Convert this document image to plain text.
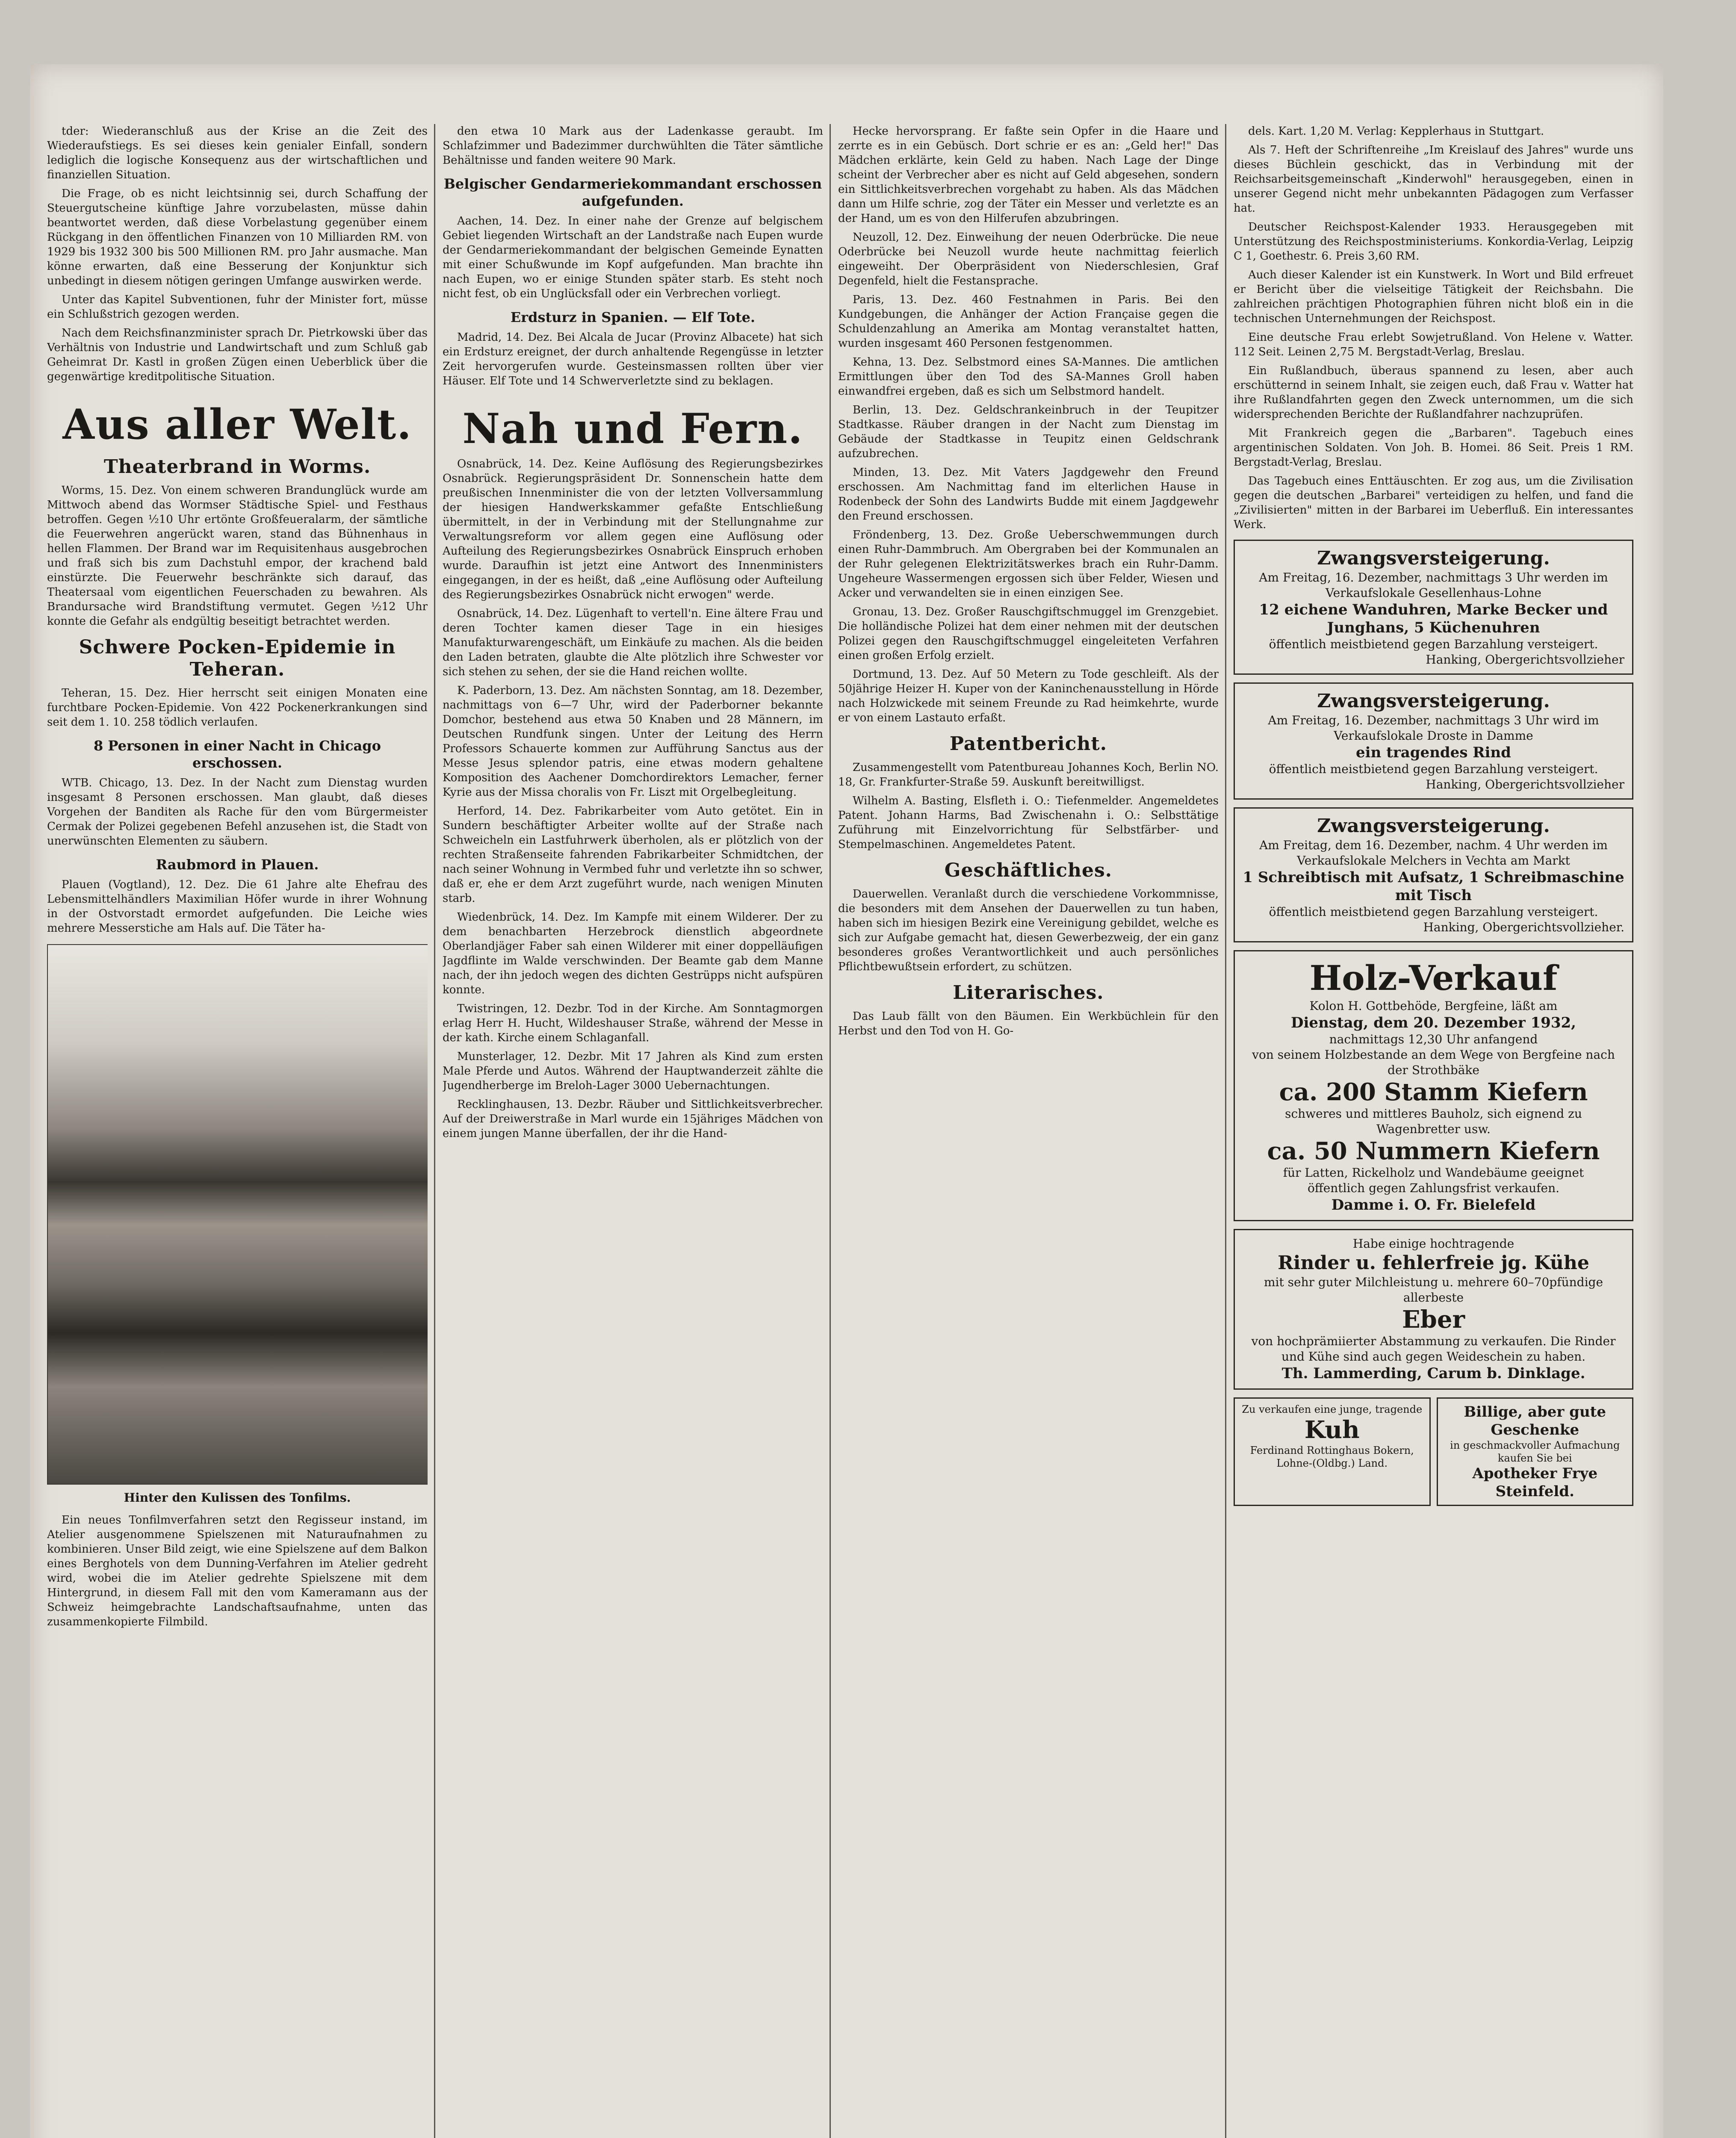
tder: Wiederanschluß aus der Krise an die Zeit des Wiederaufstiegs. Es sei dieses kein genialer Einfall, sondern lediglich die logische Konsequenz aus der wirtschaftlichen und finanziellen Situation.

Die Frage, ob es nicht leichtsinnig sei, durch Schaffung der Steuergutscheine künftige Jahre vorzubelasten, müsse dahin beantwortet werden, daß diese Vorbelastung gegenüber einem Rückgang in den öffentlichen Finanzen von 10 Milliarden RM. von 1929 bis 1932 300 bis 500 Millionen RM. pro Jahr ausmache. Man könne erwarten, daß eine Besserung der Konjunktur sich unbedingt in diesem nötigen geringen Umfange auswirken werde.

Unter das Kapitel Subventionen, fuhr der Minister fort, müsse ein Schlußstrich gezogen werden.

Nach dem Reichsfinanzminister sprach Dr. Pietrkowski über das Verhältnis von Industrie und Landwirtschaft und zum Schluß gab Geheimrat Dr. Kastl in großen Zügen einen Ueberblick über die gegenwärtige kreditpolitische Situation.

Aus aller Welt.
Theaterbrand in Worms.

Worms, 15. Dez. Von einem schweren Brandunglück wurde am Mittwoch abend das Wormser Städtische Spiel- und Festhaus betroffen. Gegen ½10 Uhr ertönte Großfeueralarm, der sämtliche die Feuerwehren angerückt waren, stand das Bühnenhaus in hellen Flammen. Der Brand war im Requisitenhaus ausgebrochen und fraß sich bis zum Dachstuhl empor, der krachend bald einstürzte. Die Feuerwehr beschränkte sich darauf, das Theatersaal vom eigentlichen Feuerschaden zu bewahren. Als Brandursache wird Brandstiftung vermutet. Gegen ½12 Uhr konnte die Gefahr als endgültig beseitigt betrachtet werden.

Schwere Pocken-Epidemie in Teheran.

Teheran, 15. Dez. Hier herrscht seit einigen Monaten eine furchtbare Pocken-Epidemie. Von 422 Pockenerkrankungen sind seit dem 1. 10. 258 tödlich verlaufen.

8 Personen in einer Nacht in Chicago erschossen.

WTB. Chicago, 13. Dez. In der Nacht zum Dienstag wurden insgesamt 8 Personen erschossen. Man glaubt, daß dieses Vorgehen der Banditen als Rache für den vom Bürgermeister Cermak der Polizei gegebenen Befehl anzusehen ist, die Stadt von unerwünschten Elementen zu säubern.

Raubmord in Plauen.

Plauen (Vogtland), 12. Dez. Die 61 Jahre alte Ehefrau des Lebensmittelhändlers Maximilian Höfer wurde in ihrer Wohnung in der Ostvorstadt ermordet aufgefunden. Die Leiche wies mehrere Messerstiche am Hals auf. Die Täter ha-

Hinter den Kulissen des Tonfilms.

Ein neues Tonfilmverfahren setzt den Regisseur instand, im Atelier ausgenommene Spielszenen mit Naturaufnahmen zu kombinieren. Unser Bild zeigt, wie eine Spielszene auf dem Balkon eines Berghotels von dem Dunning-Verfahren im Atelier gedreht wird, wobei die im Atelier gedrehte Spielszene mit dem Hintergrund, in diesem Fall mit den vom Kameramann aus der Schweiz heimgebrachte Landschaftsaufnahme, unten das zusammenkopierte Filmbild.

den etwa 10 Mark aus der Ladenkasse geraubt. Im Schlafzimmer und Badezimmer durchwühlten die Täter sämtliche Behältnisse und fanden weitere 90 Mark.

Belgischer Gendarmeriekommandant erschossen aufgefunden.

Aachen, 14. Dez. In einer nahe der Grenze auf belgischem Gebiet liegenden Wirtschaft an der Landstraße nach Eupen wurde der Gendarmeriekommandant der belgischen Gemeinde Eynatten mit einer Schußwunde im Kopf aufgefunden. Man brachte ihn nach Eupen, wo er einige Stunden später starb. Es steht noch nicht fest, ob ein Unglücksfall oder ein Verbrechen vorliegt.

Erdsturz in Spanien. — Elf Tote.

Madrid, 14. Dez. Bei Alcala de Jucar (Provinz Albacete) hat sich ein Erdsturz ereignet, der durch anhaltende Regengüsse in letzter Zeit hervorgerufen wurde. Gesteinsmassen rollten über vier Häuser. Elf Tote und 14 Schwerverletzte sind zu beklagen.

Nah und Fern.

Osnabrück, 14. Dez. Keine Auflösung des Regierungsbezirkes Osnabrück. Regierungspräsident Dr. Sonnenschein hatte dem preußischen Innenminister die von der letzten Vollversammlung der hiesigen Handwerkskammer gefaßte Entschließung übermittelt, in der in Verbindung mit der Stellungnahme zur Verwaltungsreform vor allem gegen eine Auflösung oder Aufteilung des Regierungsbezirkes Osnabrück Einspruch erhoben wurde. Daraufhin ist jetzt eine Antwort des Innenministers eingegangen, in der es heißt, daß „eine Auflösung oder Aufteilung des Regierungsbezirkes Osnabrück nicht erwogen" werde.

Osnabrück, 14. Dez. Lügenhaft to vertell'n. Eine ältere Frau und deren Tochter kamen dieser Tage in ein hiesiges Manufakturwarengeschäft, um Einkäufe zu machen. Als die beiden den Laden betraten, glaubte die Alte plötzlich ihre Schwester vor sich stehen zu sehen, der sie die Hand reichen wollte.

K. Paderborn, 13. Dez. Am nächsten Sonntag, am 18. Dezember, nachmittags von 6—7 Uhr, wird der Paderborner bekannte Domchor, bestehend aus etwa 50 Knaben und 28 Männern, im Deutschen Rundfunk singen. Unter der Leitung des Herrn Professors Schauerte kommen zur Aufführung Sanctus aus der Messe Jesus splendor patris, eine etwas modern gehaltene Komposition des Aachener Domchordirektors Lemacher, ferner Kyrie aus der Missa choralis von Fr. Liszt mit Orgelbegleitung.

Herford, 14. Dez. Fabrikarbeiter vom Auto getötet. Ein in Sundern beschäftigter Arbeiter wollte auf der Straße nach Schweicheln ein Lastfuhrwerk überholen, als er plötzlich von der rechten Straßenseite fahrenden Fabrikarbeiter Schmidtchen, der nach seiner Wohnung in Vermbed fuhr und verletzte ihn so schwer, daß er, ehe er dem Arzt zugeführt wurde, nach wenigen Minuten starb.

Wiedenbrück, 14. Dez. Im Kampfe mit einem Wilderer. Der zu dem benachbarten Herzebrock dienstlich abgeordnete Oberlandjäger Faber sah einen Wilderer mit einer doppelläufigen Jagdflinte im Walde verschwinden. Der Beamte gab dem Manne nach, der ihn jedoch wegen des dichten Gestrüpps nicht aufspüren konnte.

Twistringen, 12. Dezbr. Tod in der Kirche. Am Sonntagmorgen erlag Herr H. Hucht, Wildeshauser Straße, während der Messe in der kath. Kirche einem Schlaganfall.

Munsterlager, 12. Dezbr. Mit 17 Jahren als Kind zum ersten Male Pferde und Autos. Während der Hauptwanderzeit zählte die Jugendherberge im Breloh-Lager 3000 Uebernachtungen.

Recklinghausen, 13. Dezbr. Räuber und Sittlichkeitsverbrecher. Auf der Dreiwerstraße in Marl wurde ein 15jähriges Mädchen von einem jungen Manne überfallen, der ihr die Hand-

Hecke hervorsprang. Er faßte sein Opfer in die Haare und zerrte es in ein Gebüsch. Dort schrie er es an: „Geld her!" Das Mädchen erklärte, kein Geld zu haben. Nach Lage der Dinge scheint der Verbrecher aber es nicht auf Geld abgesehen, sondern ein Sittlichkeitsverbrechen vorgehabt zu haben. Als das Mädchen dann um Hilfe schrie, zog der Täter ein Messer und verletzte es an der Hand, um es von den Hilferufen abzubringen.

Neuzoll, 12. Dez. Einweihung der neuen Oderbrücke. Die neue Oderbrücke bei Neuzoll wurde heute nachmittag feierlich eingeweiht. Der Oberpräsident von Niederschlesien, Graf Degenfeld, hielt die Festansprache.

Paris, 13. Dez. 460 Festnahmen in Paris. Bei den Kundgebungen, die Anhänger der Action Française gegen die Schuldenzahlung an Amerika am Montag veranstaltet hatten, wurden insgesamt 460 Personen festgenommen.

Kehna, 13. Dez. Selbstmord eines SA-Mannes. Die amtlichen Ermittlungen über den Tod des SA-Mannes Groll haben einwandfrei ergeben, daß es sich um Selbstmord handelt.

Berlin, 13. Dez. Geldschrankeinbruch in der Teupitzer Stadtkasse. Räuber drangen in der Nacht zum Dienstag im Gebäude der Stadtkasse in Teupitz einen Geldschrank aufzubrechen.

Minden, 13. Dez. Mit Vaters Jagdgewehr den Freund erschossen. Am Nachmittag fand im elterlichen Hause in Rodenbeck der Sohn des Landwirts Budde mit einem Jagdgewehr den Freund erschossen.

Fröndenberg, 13. Dez. Große Ueberschwemmungen durch einen Ruhr-Dammbruch. Am Obergraben bei der Kommunalen an der Ruhr gelegenen Elektrizitätswerkes brach ein Ruhr-Damm. Ungeheure Wassermengen ergossen sich über Felder, Wiesen und Acker und verwandelten sie in einen einzigen See.

Gronau, 13. Dez. Großer Rauschgiftschmuggel im Grenzgebiet. Die holländische Polizei hat dem einer nehmen mit der deutschen Polizei gegen den Rauschgiftschmuggel eingeleiteten Verfahren einen großen Erfolg erzielt.

Dortmund, 13. Dez. Auf 50 Metern zu Tode geschleift. Als der 50jährige Heizer H. Kuper von der Kaninchenausstellung in Hörde nach Holzwickede mit seinem Freunde zu Rad heimkehrte, wurde er von einem Lastauto erfaßt.

Patentbericht.

Zusammengestellt vom Patentbureau Johannes Koch, Berlin NO. 18, Gr. Frankfurter-Straße 59. Auskunft bereitwilligst.

Wilhelm A. Basting, Elsfleth i. O.: Tiefenmelder. Angemeldetes Patent. Johann Harms, Bad Zwischenahn i. O.: Selbsttätige Zuführung mit Einzelvorrichtung für Selbstfärber- und Stempelmaschinen. Angemeldetes Patent.

Geschäftliches.

Dauerwellen. Veranlaßt durch die verschiedene Vorkommnisse, die besonders mit dem Ansehen der Dauerwellen zu tun haben, haben sich im hiesigen Bezirk eine Vereinigung gebildet, welche es sich zur Aufgabe gemacht hat, diesen Gewerbezweig, der ein ganz besonderes großes Verantwortlichkeit und auch persönliches Pflichtbewußtsein erfordert, zu schützen.

Literarisches.

Das Laub fällt von den Bäumen. Ein Werkbüchlein für den Herbst und den Tod von H. Go-

dels. Kart. 1,20 M. Verlag: Kepplerhaus in Stuttgart.

Als 7. Heft der Schriftenreihe „Im Kreislauf des Jahres" wurde uns dieses Büchlein geschickt, das in Verbindung mit der Reichsarbeitsgemeinschaft „Kinderwohl" herausgegeben, einen in unserer Gegend nicht mehr unbekannten Pädagogen zum Verfasser hat.

Deutscher Reichspost-Kalender 1933. Herausgegeben mit Unterstützung des Reichspostministeriums. Konkordia-Verlag, Leipzig C 1, Goethestr. 6. Preis 3,60 RM.

Auch dieser Kalender ist ein Kunstwerk. In Wort und Bild erfreuet er Bericht über die vielseitige Tätigkeit der Reichsbahn. Die zahlreichen prächtigen Photographien führen nicht bloß ein in die technischen Unternehmungen der Reichspost.

Eine deutsche Frau erlebt Sowjetrußland. Von Helene v. Watter. 112 Seit. Leinen 2,75 M. Bergstadt-Verlag, Breslau.

Ein Rußlandbuch, überaus spannend zu lesen, aber auch erschütternd in seinem Inhalt, sie zeigen euch, daß Frau v. Watter hat ihre Rußlandfahrten gegen den Zweck unternommen, um die sich widersprechenden Berichte der Rußlandfahrer nachzuprüfen.

Mit Frankreich gegen die „Barbaren". Tagebuch eines argentinischen Soldaten. Von Joh. B. Homei. 86 Seit. Preis 1 RM. Bergstadt-Verlag, Breslau.

Das Tagebuch eines Enttäuschten. Er zog aus, um die Zivilisation gegen die deutschen „Barbarei" verteidigen zu helfen, und fand die „Zivilisierten" mitten in der Barbarei im Ueberfluß. Ein interessantes Werk.

Zwangsversteigerung.
Am Freitag, 16. Dezember, nachmittags 3 Uhr werden im Verkaufslokale Gesellenhaus-Lohne
12 eichene Wanduhren, Marke Becker und Junghans, 5 Küchenuhren
öffentlich meistbietend gegen Barzahlung versteigert.
Hanking, Obergerichtsvollzieher
Zwangsversteigerung.
Am Freitag, 16. Dezember, nachmittags 3 Uhr wird im Verkaufslokale Droste in Damme
ein tragendes Rind
öffentlich meistbietend gegen Barzahlung versteigert.
Hanking, Obergerichtsvollzieher
Zwangsversteigerung.
Am Freitag, dem 16. Dezember, nachm. 4 Uhr werden im Verkaufslokale Melchers in Vechta am Markt
1 Schreibtisch mit Aufsatz, 1 Schreibmaschine mit Tisch
öffentlich meistbietend gegen Barzahlung versteigert.
Hanking, Obergerichtsvollzieher.
Holz-Verkauf
Kolon H. Gottbehöde, Bergfeine, läßt am
Dienstag, dem 20. Dezember 1932,
nachmittags 12,30 Uhr anfangend
von seinem Holzbestande an dem Wege von Bergfeine nach der Strothbäke
ca. 200 Stamm Kiefern
schweres und mittleres Bauholz, sich eignend zu Wagenbretter usw.
ca. 50 Nummern Kiefern
für Latten, Rickelholz und Wandebäume geeignet
öffentlich gegen Zahlungsfrist verkaufen.
Damme i. O. Fr. Bielefeld
Habe einige hochtragende
Rinder u. fehlerfreie jg. Kühe
mit sehr guter Milchleistung u. mehrere 60–70pfündige allerbeste
Eber
von hochprämiierter Abstammung zu verkaufen. Die Rinder und Kühe sind auch gegen Weideschein zu haben.
Th. Lammerding, Carum b. Dinklage.
Zu verkaufen eine junge, tragende
Kuh
Ferdinand Rottinghaus Bokern, Lohne-(Oldbg.) Land.
Billige, aber gute Geschenke
in geschmackvoller Aufmachung kaufen Sie bei
Apotheker Frye Steinfeld.
